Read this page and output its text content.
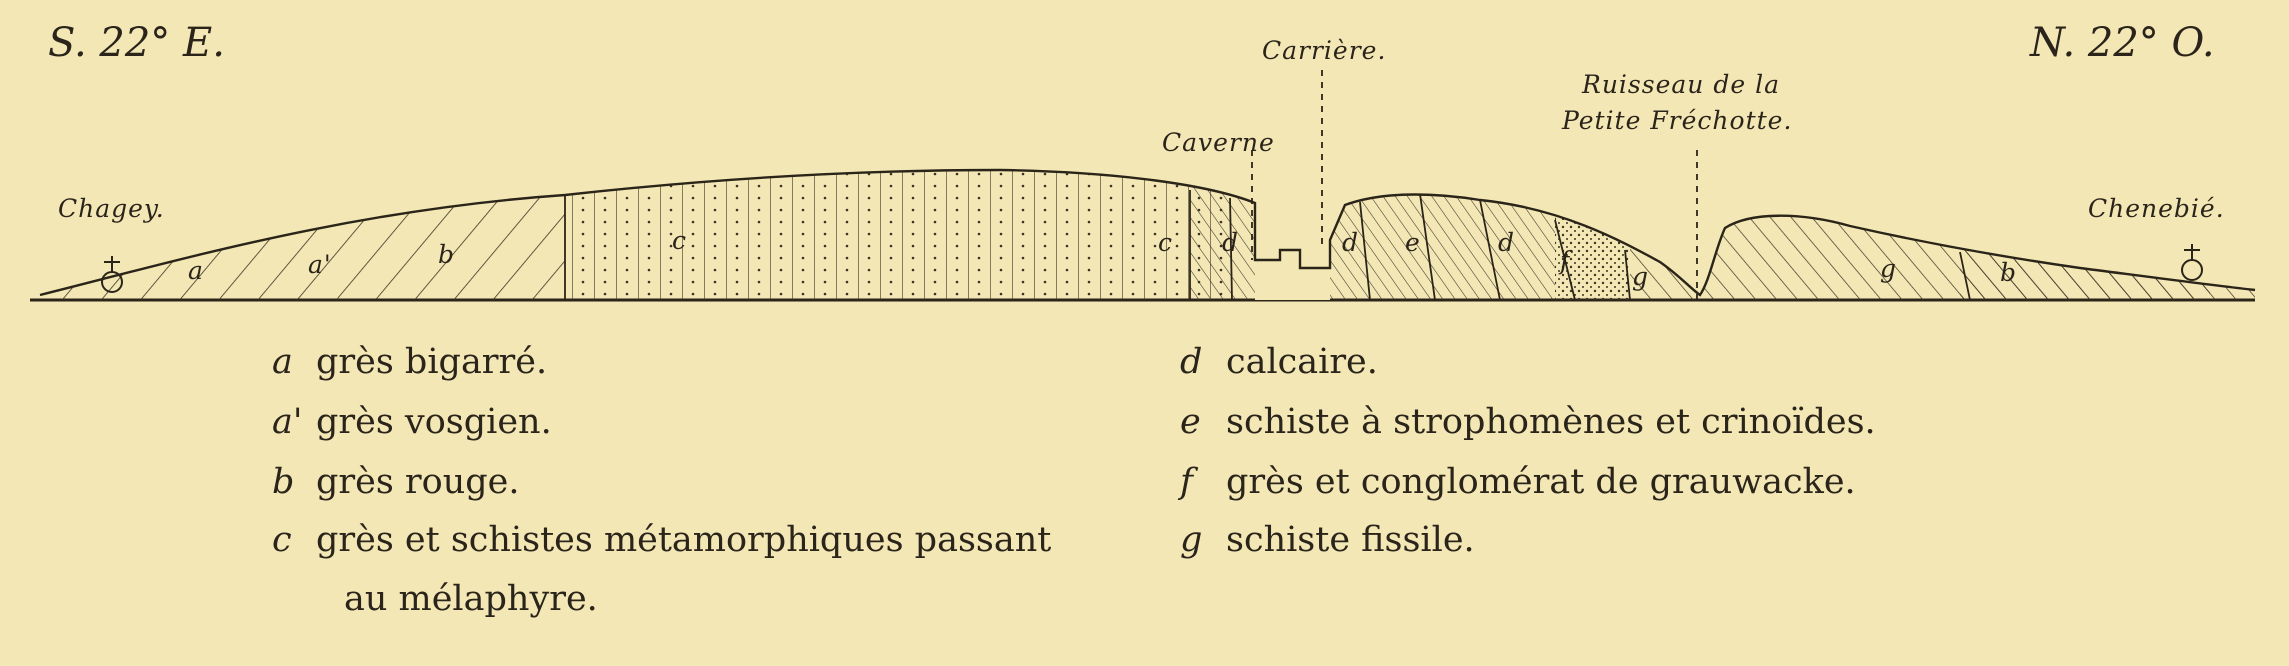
S. 22° E.	N. 22° O.
Carrière.
Caverne
Ruisseau de la
Petite Fréchotte.
Chagey.	Chenebié.
a	a'	b	c	c d	d e	d
f
g	g	b
a grès bigarré.
a' grès vosgien.
b grès rouge.
c grès et schistes métamorphiques passant
au mélaphyre.
d calcaire.
e schiste à strophomènes et crinoïdes.
f grès et conglomérat de grauwacke.
g schiste fissile.
